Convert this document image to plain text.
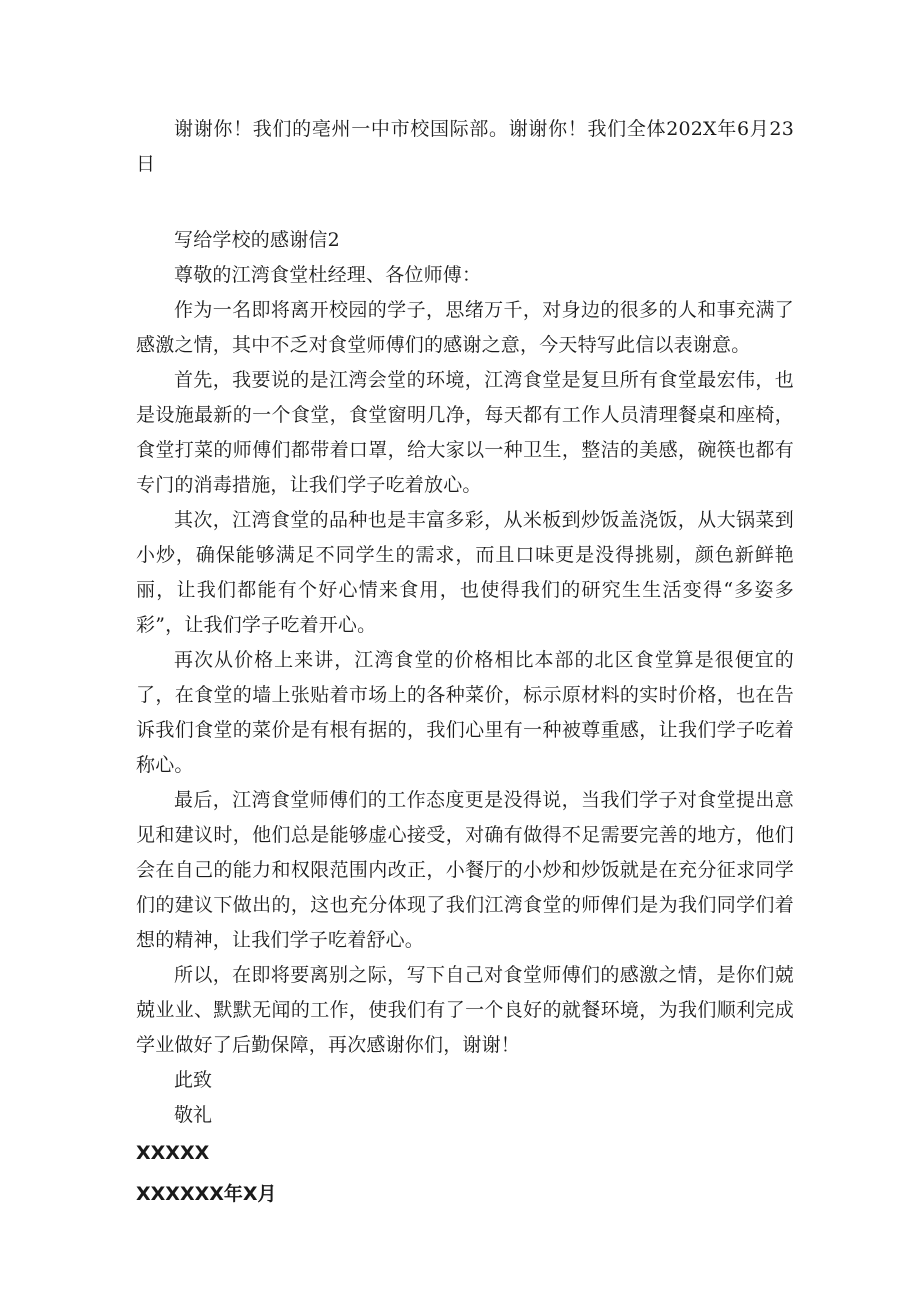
谢谢你！我们的亳州一中市校国际部。谢谢你！我们全体202X年6月23日

写给学校的感谢信2

尊敬的江湾食堂杜经理、各位师傅：

作为一名即将离开校园的学子，思绪万千，对身边的很多的人和事充满了感激之情，其中不乏对食堂师傅们的感谢之意，今天特写此信以表谢意。

首先，我要说的是江湾会堂的环境，江湾食堂是复旦所有食堂最宏伟，也是设施最新的一个食堂，食堂窗明几净，每天都有工作人员清理餐桌和座椅，食堂打菜的师傅们都带着口罩，给大家以一种卫生，整洁的美感，碗筷也都有专门的消毒措施，让我们学子吃着放心。

其次，江湾食堂的品种也是丰富多彩，从米板到炒饭盖浇饭，从大锅菜到小炒，确保能够满足不同学生的需求，而且口味更是没得挑剔，颜色新鲜艳丽，让我们都能有个好心情来食用，也使得我们的研究生生活变得“多姿多彩”，让我们学子吃着开心。

再次从价格上来讲，江湾食堂的价格相比本部的北区食堂算是很便宜的了，在食堂的墙上张贴着市场上的各种菜价，标示原材料的实时价格，也在告诉我们食堂的菜价是有根有据的，我们心里有一种被尊重感，让我们学子吃着称心。

最后，江湾食堂师傅们的工作态度更是没得说，当我们学子对食堂提出意见和建议时，他们总是能够虚心接受，对确有做得不足需要完善的地方，他们会在自己的能力和权限范围内改正，小餐厅的小炒和炒饭就是在充分征求同学们的建议下做出的，这也充分体现了我们江湾食堂的师俾们是为我们同学们着想的精神，让我们学子吃着舒心。

所以，在即将要离别之际，写下自己对食堂师傅们的感激之情，是你们兢兢业业、默默无闻的工作，使我们有了一个良好的就餐环境，为我们顺利完成学业做好了后勤保障，再次感谢你们，谢谢！

此致

敬礼

XXXXX

XXXXXX年X月
